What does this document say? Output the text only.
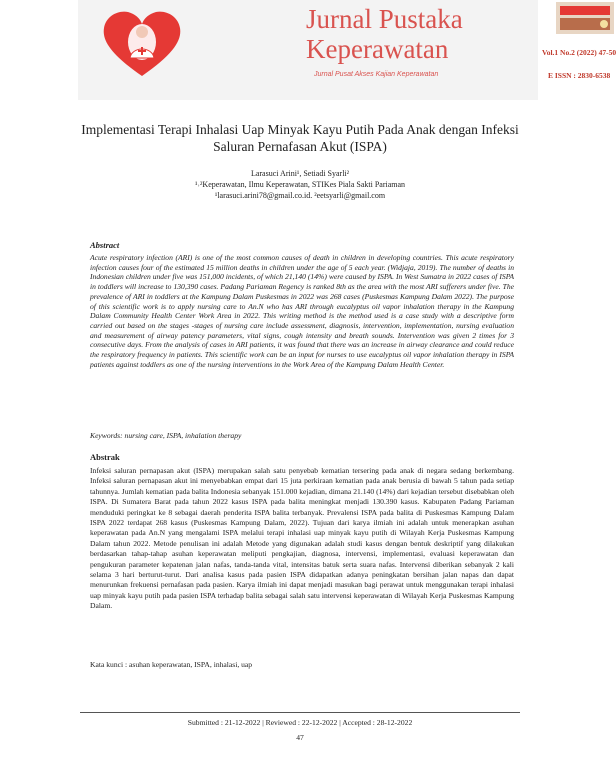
Jurnal Pustaka
Keperawatan
Jurnal Pusat Akses Kajian Keperawatan
Vol.1 No.2 (2022) 47-50
E ISSN : 2830-6538
Implementasi Terapi Inhalasi Uap Minyak Kayu Putih Pada Anak dengan Infeksi Saluran Pernafasan Akut (ISPA)
Larasuci Arini¹, Setiadi Syarli²
¹˒²Keperawatan, Ilmu Keperawatan, STIKes Piala Sakti Pariaman
¹larasuci.arini78@gmail.co.id. ²eetsyarli@gmail.com
Abstract

Acute respiratory infection (ARI) is one of the most common causes of death in children in developing countries. This acute respiratory infection causes four of the estimated 15 million deaths in children under the age of 5 each year. (Widjaja, 2019). The number of deaths in Indonesian children under five was 151,000 incidents, of which 21,140 (14%) were caused by ISPA. In West Sumatra in 2022 cases of ISPA in toddlers will increase to 130,390 cases. Padang Pariaman Regency is ranked 8th as the area with the most ARI sufferers under five. The prevalence of ARI in toddlers at the Kampung Dalam Puskesmas in 2022 was 268 cases (Puskesmas Kampung Dalam 2022). The purpose of this scientific work is to apply nursing care to An.N who has ARI through eucalyptus oil vapor inhalation therapy in the Kampung Dalam Community Health Center Work Area in 2022. This writing method is the method used is a case study with a descriptive form carried out based on the stages -stages of nursing care include assessment, diagnosis, intervention, implementation, nursing evaluation and measurement of airway patency parameters, vital signs, cough intensity and breath sounds. Intervention was given 2 times for 3 consecutive days. From the analysis of cases in ARI patients, it was found that there was an increase in airway clearance and could reduce the respiratory frequency in patients. This scientific work can be an input for nurses to use eucalyptus oil vapor inhalation therapy in ISPA patients against toddlers as one of the nursing interventions in the Work Area of the Kampung Dalam Health Center.

Keywords: nursing care, ISPA, inhalation therapy
Abstrak

Infeksi saluran pernapasan akut (ISPA) merupakan salah satu penyebab kematian tersering pada anak di negara sedang berkembang. Infeksi saluran pernapasan akut ini menyebabkan empat dari 15 juta perkiraan kematian pada anak berusia di bawah 5 tahun pada setiap tahunnya. Jumlah kematian pada balita Indonesia sebanyak 151.000 kejadian, dimana 21.140 (14%) dari kejadian tersebut disebabkan oleh ISPA. Di Sumatera Barat pada tahun 2022 kasus ISPA pada balita meningkat menjadi 130.390 kasus. Kabupaten Padang Pariaman menduduki peringkat ke 8 sebagai daerah penderita ISPA balita terbanyak. Prevalensi ISPA pada balita di Puskesmas Kampung Dalam ISPA 2022 terdapat 268 kasus (Puskesmas Kampung Dalam, 2022). Tujuan dari karya ilmiah ini adalah untuk menerapkan asuhan keperawatan pada An.N yang mengalami ISPA melalui terapi inhalasi uap minyak kayu putih di Wilayah Kerja Puskesmas Kampung Dalam tahun 2022. Metode penulisan ini adalah Metode yang digunakan adalah studi kasus dengan bentuk deskriptif yang dilakukan berdasarkan tahap-tahap asuhan keperawatan meliputi pengkajian, diagnosa, intervensi, implementasi, evaluasi keperawatan dan pengukuran parameter kepatenan jalan nafas, tanda-tanda vital, intensitas batuk serta suara nafas. Intervensi diberikan sebanyak 2 kali selama 3 hari berturut-turut. Dari analisa kasus pada pasien ISPA didapatkan adanya peningkatan bersihan jalan napas dan dapat menurunkan frekuensi pernafasan pada pasien. Karya ilmiah ini dapat menjadi masukan bagi perawat untuk menggunakan terapi inhalasi uap minyak kayu putih pada pasien ISPA terhadap balita sebagai salah satu intervensi keperawatan di Wilayah Kerja Puskesmas Kampung Dalam.

Kata kunci : asuhan keperawatan, ISPA, inhalasi, uap
Submitted : 21-12-2022 | Reviewed : 22-12-2022 | Accepted : 28-12-2022
47
